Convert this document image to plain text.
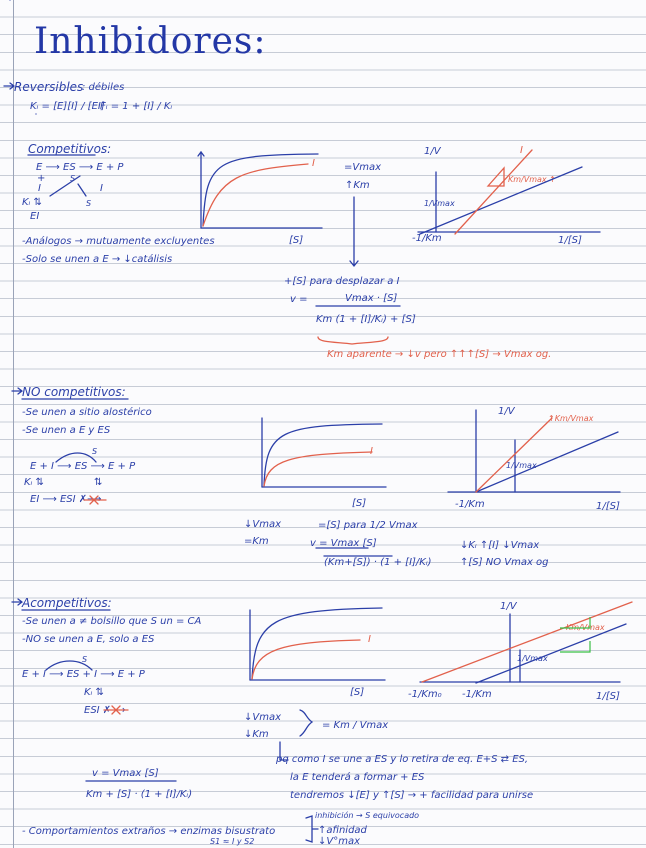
Inhibidores:
Reversibles
: débiles
Kᵢ = [E][I] / [EI]
Fᵢ = 1 + [I] / Kᵢ
Competitivos:
E ⟶ ES ⟶ E + P
S
+
I	I
Kᵢ ⇅	S
EI
-Análogos → mutuamente excluyentes
-Solo se unen a E → ↓catálisis
I
[S]
=Vmax
↑Km
1/V	I
Km/Vmax ↑
1/Vmax
-1/Km	1/[S]
+[S] para desplazar a I
v =	Vmax · [S]
Km (1 + [I]/Kᵢ) + [S]
Km aparente → ↓v pero ↑↑↑[S] → Vmax og.
NO competitivos:
-Se unen a sitio alostérico
-Se unen a E y ES
S
E + I ⟶ ES ⟶ E + P
Kᵢ ⇅	⇅
EI ⟶ ESI ✗⟶
I
[S]
1/V
↑Km/Vmax
1/Vmax
-1/Km	1/[S]
↓Vmax
=Km
=[S] para 1/2 Vmax
v = Vmax [S]
(Km+[S]) · (1 + [I]/Kᵢ)
↓Kᵢ ↑[I] ↓Vmax
↑[S] NO Vmax og
Acompetitivos:
-Se unen a ≠ bolsillo que S un = CA
-NO se unen a E, solo a ES
S
E + I ⟶ ES + I ⟶ E + P
Kᵢ ⇅
ESI ✗⟶
I
[S]
1/V
Km/Vmax
1/Vmax
-1/Km₀ -1/Km	1/[S]
↓Vmax
↓Km
= Km / Vmax
pq como I se une a ES y lo retira de eq. E+S ⇄ ES,
la E tenderá a formar + ES
tendremos ↓[E] y ↑[S] → + facilidad para unirse
v = Vmax [S]
Km + [S] · (1 + [I]/Kᵢ)
- Comportamientos extraños → enzimas bisustrato
S1 ≈ I y S2
inhibición → S equivocado
↑afinidad
↓V°max
